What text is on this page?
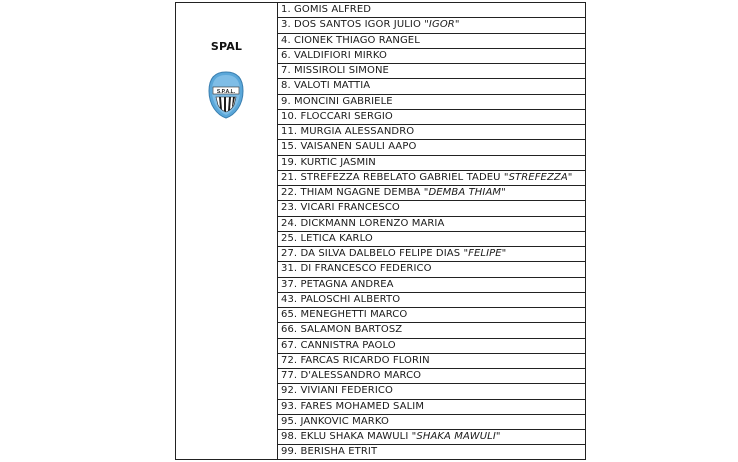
SPAL
S.P.A.L.
1. GOMIS ALFRED
3. DOS SANTOS IGOR JULIO "IGOR"
4. CIONEK THIAGO RANGEL
6. VALDIFIORI MIRKO
7. MISSIROLI SIMONE
8. VALOTI MATTIA
9. MONCINI GABRIELE
10. FLOCCARI SERGIO
11. MURGIA ALESSANDRO
15. VAISANEN SAULI AAPO
19. KURTIC JASMIN
21. STREFEZZA REBELATO GABRIEL TADEU "STREFEZZA"
22. THIAM NGAGNE DEMBA "DEMBA THIAM"
23. VICARI FRANCESCO
24. DICKMANN LORENZO MARIA
25. LETICA KARLO
27. DA SILVA DALBELO FELIPE DIAS "FELIPE"
31. DI FRANCESCO FEDERICO
37. PETAGNA ANDREA
43. PALOSCHI ALBERTO
65. MENEGHETTI MARCO
66. SALAMON BARTOSZ
67. CANNISTRA PAOLO
72. FARCAS RICARDO FLORIN
77. D'ALESSANDRO MARCO
92. VIVIANI FEDERICO
93. FARES MOHAMED SALIM
95. JANKOVIC MARKO
98. EKLU SHAKA MAWULI "SHAKA MAWULI"
99. BERISHA ETRIT
